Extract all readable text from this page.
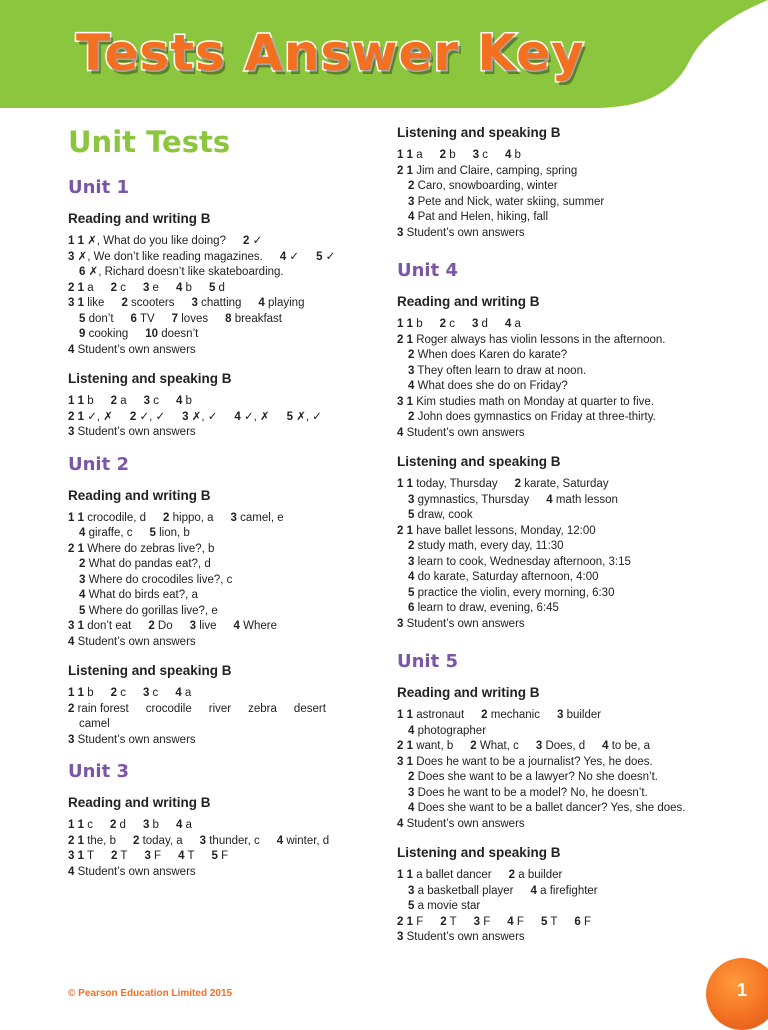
Tests Answer Key
Unit Tests
Unit 1
Reading and writing B
1 1 ✗, What do you like doing? 2 ✓
3 ✗, We don’t like reading magazines. 4 ✓ 5 ✓
6 ✗, Richard doesn’t like skateboarding.
2 1 a 2 c 3 e 4 b 5 d
3 1 like 2 scooters 3 chatting 4 playing
5 don’t 6 TV 7 loves 8 breakfast
9 cooking 10 doesn’t
4 Student’s own answers
Listening and speaking B
1 1 b 2 a 3 c 4 b
2 1 ✓, ✗ 2 ✓, ✓ 3 ✗, ✓ 4 ✓, ✗ 5 ✗, ✓
3 Student’s own answers
Unit 2
Reading and writing B
1 1 crocodile, d 2 hippo, a 3 camel, e
4 giraffe, c 5 lion, b
2 1 Where do zebras live?, b
2 What do pandas eat?, d
3 Where do crocodiles live?, c
4 What do birds eat?, a
5 Where do gorillas live?, e
3 1 don’t eat 2 Do 3 live 4 Where
4 Student’s own answers
Listening and speaking B
1 1 b 2 c 3 c 4 a
2 rain forest crocodile river zebra desert
camel
3 Student’s own answers
Unit 3
Reading and writing B
1 1 c 2 d 3 b 4 a
2 1 the, b 2 today, a 3 thunder, c 4 winter, d
3 1 T 2 T 3 F 4 T 5 F
4 Student’s own answers
Listening and speaking B
1 1 a 2 b 3 c 4 b
2 1 Jim and Claire, camping, spring
2 Caro, snowboarding, winter
3 Pete and Nick, water skiing, summer
4 Pat and Helen, hiking, fall
3 Student’s own answers
Unit 4
Reading and writing B
1 1 b 2 c 3 d 4 a
2 1 Roger always has violin lessons in the afternoon.
2 When does Karen do karate?
3 They often learn to draw at noon.
4 What does she do on Friday?
3 1 Kim studies math on Monday at quarter to five.
2 John does gymnastics on Friday at three-thirty.
4 Student’s own answers
Listening and speaking B
1 1 today, Thursday 2 karate, Saturday
3 gymnastics, Thursday 4 math lesson
5 draw, cook
2 1 have ballet lessons, Monday, 12:00
2 study math, every day, 11:30
3 learn to cook, Wednesday afternoon, 3:15
4 do karate, Saturday afternoon, 4:00
5 practice the violin, every morning, 6:30
6 learn to draw, evening, 6:45
3 Student’s own answers
Unit 5
Reading and writing B
1 1 astronaut 2 mechanic 3 builder
4 photographer
2 1 want, b 2 What, c 3 Does, d 4 to be, a
3 1 Does he want to be a journalist? Yes, he does.
2 Does she want to be a lawyer? No she doesn’t.
3 Does he want to be a model? No, he doesn’t.
4 Does she want to be a ballet dancer? Yes, she does.
4 Student’s own answers
Listening and speaking B
1 1 a ballet dancer 2 a builder
3 a basketball player 4 a firefighter
5 a movie star
2 1 F 2 T 3 F 4 F 5 T 6 F
3 Student’s own answers
© Pearson Education Limited 2015	1
